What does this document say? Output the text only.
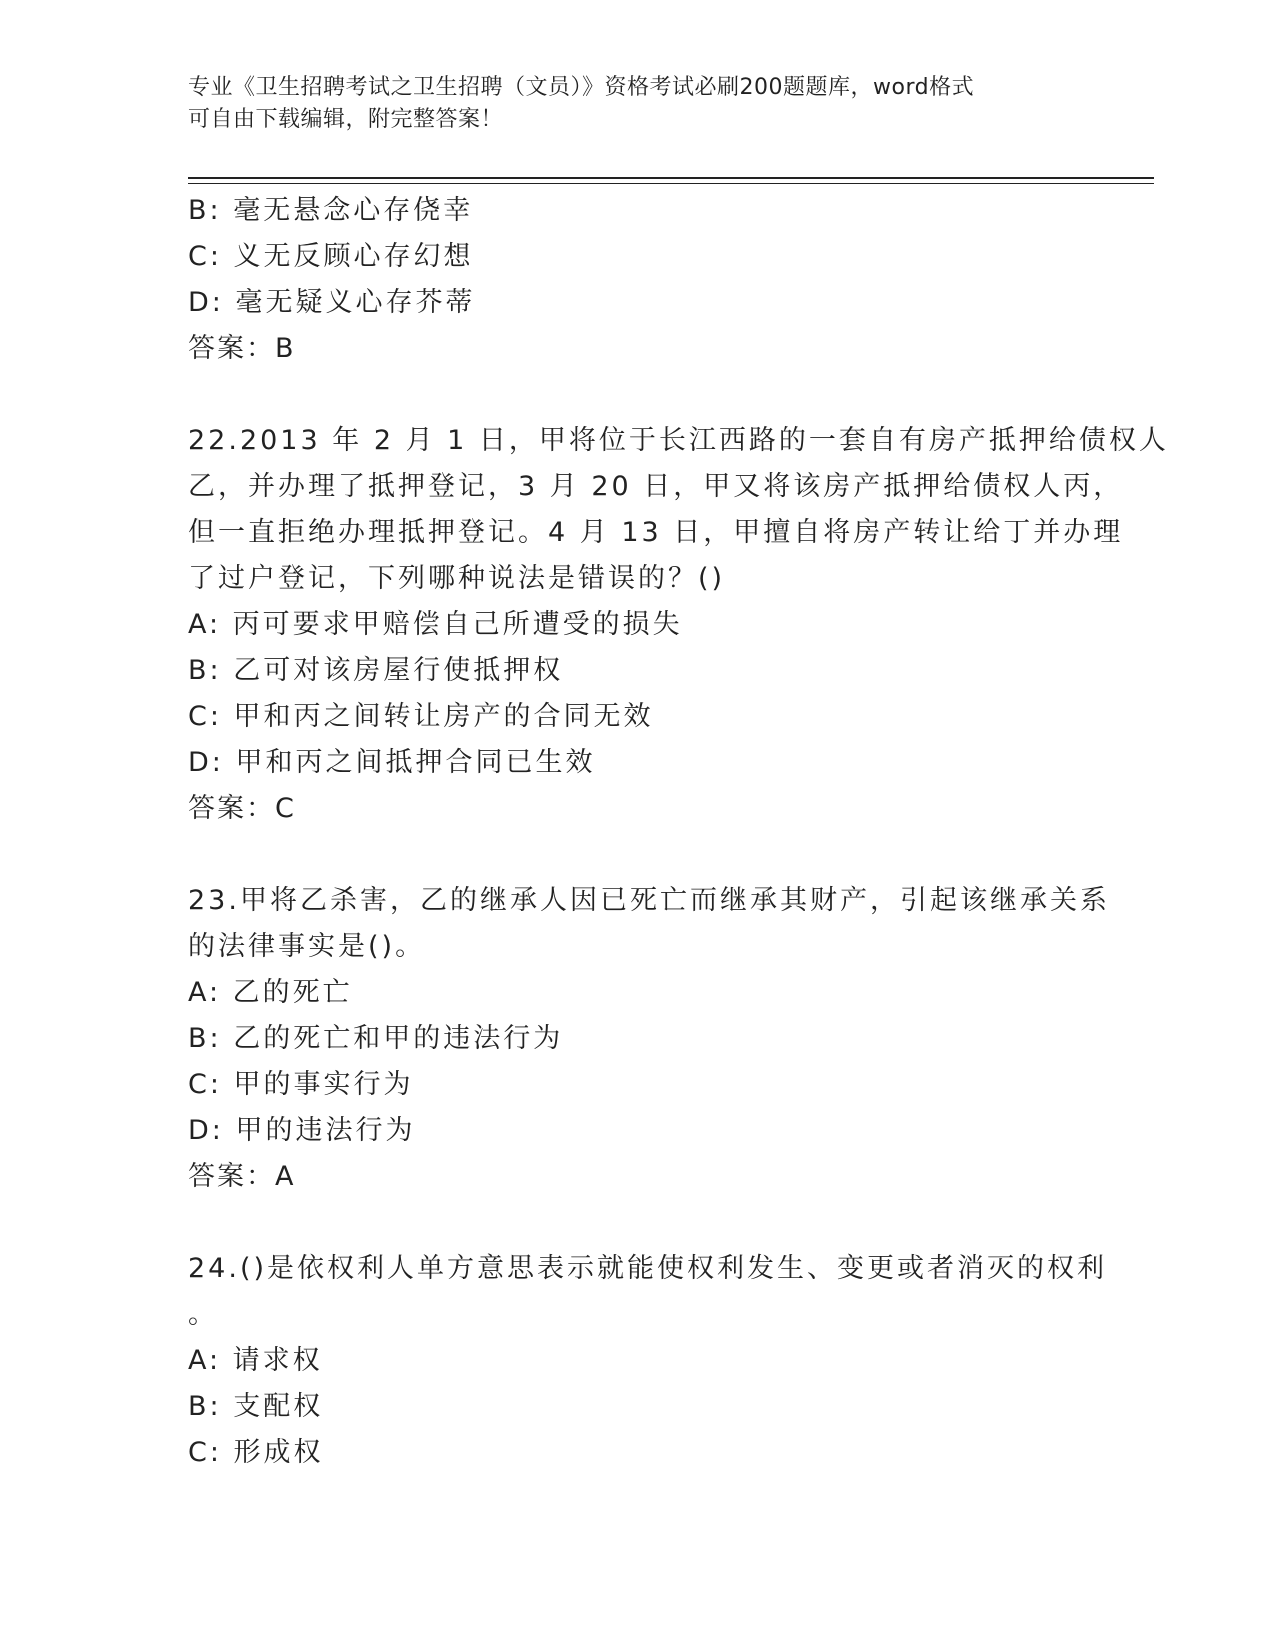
专业《卫生招聘考试之卫生招聘（文员）》资格考试必刷200题题库，word格式
可自由下载编辑，附完整答案！
B: 毫无悬念心存侥幸
C: 义无反顾心存幻想
D: 毫无疑义心存芥蒂
答案：B
22.2013 年 2 月 1 日，甲将位于长江西路的一套自有房产抵押给债权人
乙，并办理了抵押登记，3 月 20 日，甲又将该房产抵押给债权人丙，
但一直拒绝办理抵押登记。4 月 13 日，甲擅自将房产转让给丁并办理
了过户登记，下列哪种说法是错误的？()
A: 丙可要求甲赔偿自己所遭受的损失
B: 乙可对该房屋行使抵押权
C: 甲和丙之间转让房产的合同无效
D: 甲和丙之间抵押合同已生效
答案：C
23.甲将乙杀害，乙的继承人因已死亡而继承其财产，引起该继承关系
的法律事实是()。
A: 乙的死亡
B: 乙的死亡和甲的违法行为
C: 甲的事实行为
D: 甲的违法行为
答案：A
24.()是依权利人单方意思表示就能使权利发生、变更或者消灭的权利
。
A: 请求权
B: 支配权
C: 形成权
